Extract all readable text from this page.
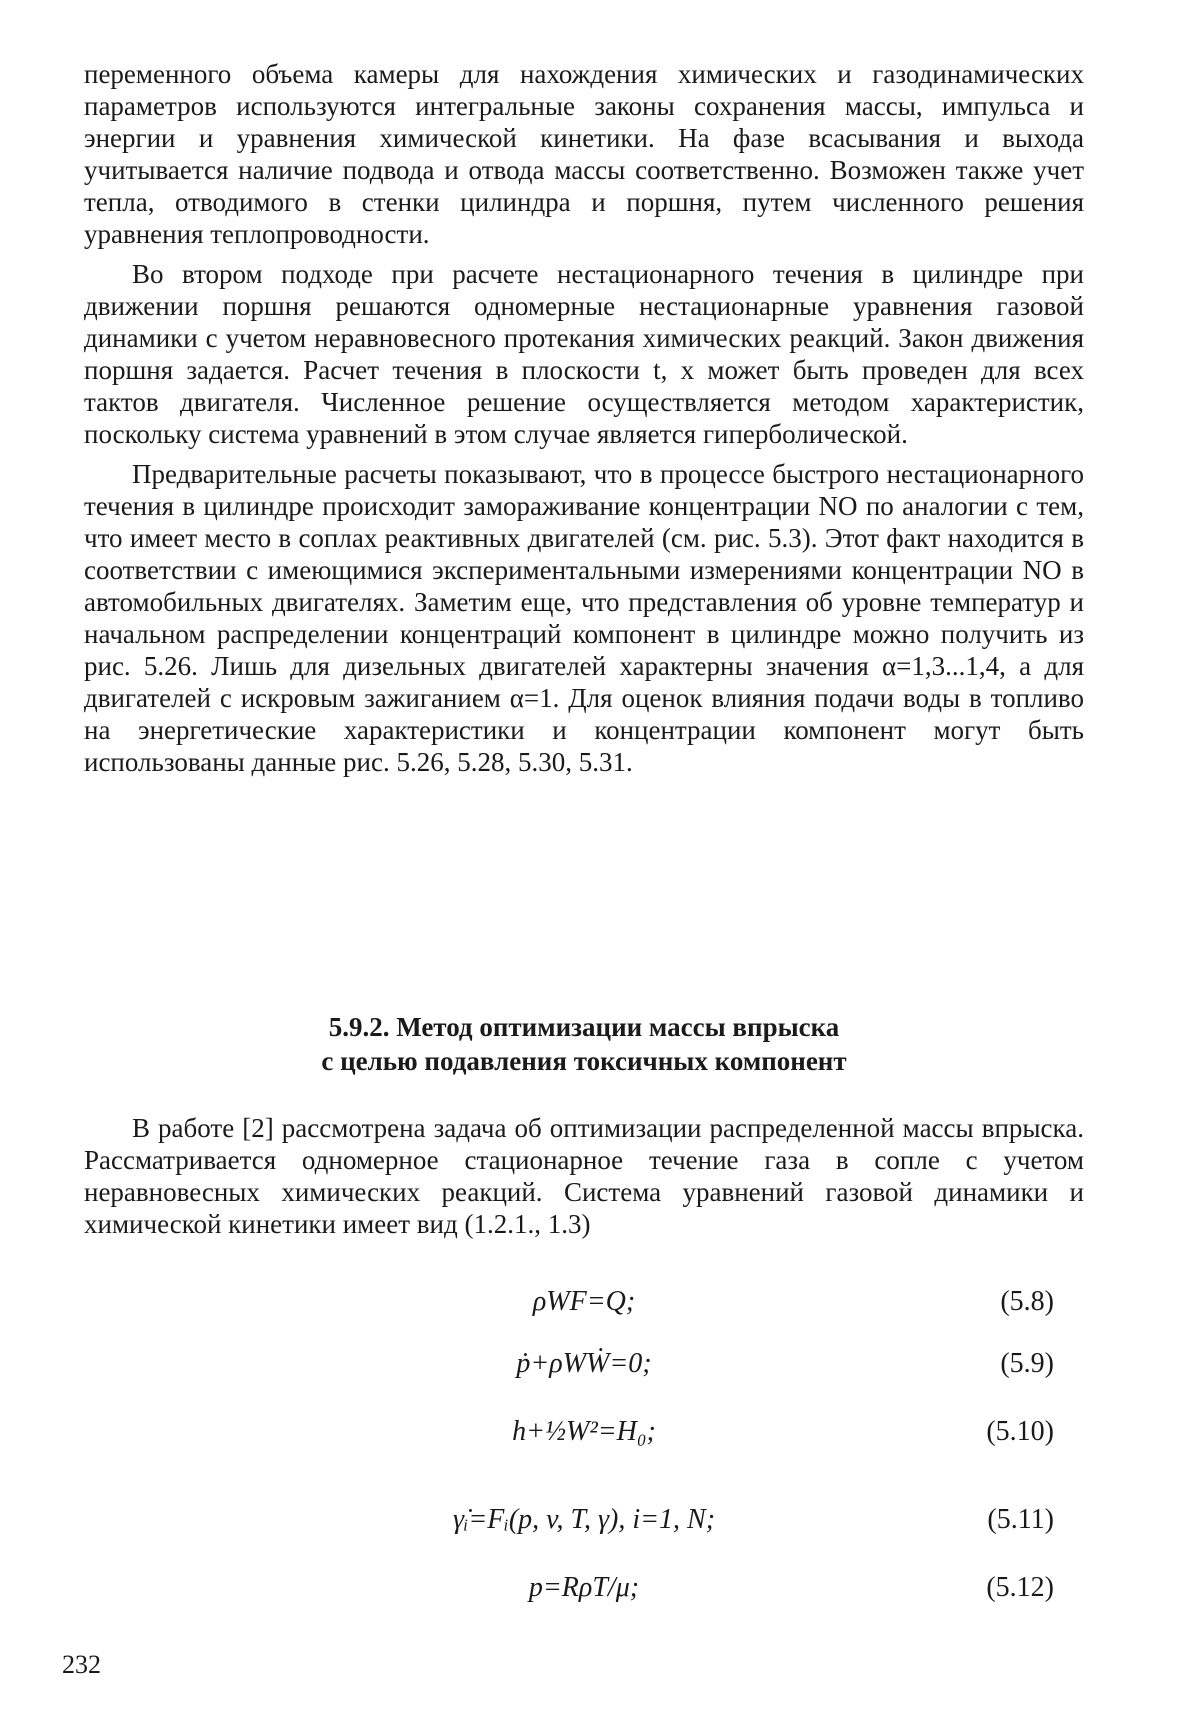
переменного объема камеры для нахождения химических и газодинамических параметров используются интегральные законы сохранения массы, импульса и энергии и уравнения химической кинетики. На фазе всасывания и выхода учитывается наличие подвода и отвода массы соответственно. Возможен также учет тепла, отводимого в стенки цилиндра и поршня, путем численного решения уравнения теплопроводности.

Во втором подходе при расчете нестационарного течения в цилиндре при движении поршня решаются одномерные нестационарные уравнения газовой динамики с учетом неравновесного протекания химических реакций. Закон движения поршня задается. Расчет течения в плоскости t, x может быть проведен для всех тактов двигателя. Численное решение осуществляется методом характеристик, поскольку система уравнений в этом случае является гиперболической.

Предварительные расчеты показывают, что в процессе быстрого нестационарного течения в цилиндре происходит замораживание концентрации NO по аналогии с тем, что имеет место в соплах реактивных двигателей (см. рис. 5.3). Этот факт находится в соответствии с имеющимися экспериментальными измерениями концентрации NO в автомобильных двигателях. Заметим еще, что представления об уровне температур и начальном распределении концентраций компонент в цилиндре можно получить из рис. 5.26. Лишь для дизельных двигателей характерны значения α=1,3...1,4, а для двигателей с искровым зажиганием α=1. Для оценок влияния подачи воды в топливо на энергетические характеристики и концентрации компонент могут быть использованы данные рис. 5.26, 5.28, 5.30, 5.31.

5.9.2. Метод оптимизации массы впрыска
с целью подавления токсичных компонент

В работе [2] рассмотрена задача об оптимизации распределенной массы впрыска. Рассматривается одномерное стационарное течение газа в сопле с учетом неравновесных химических реакций. Система уравнений газовой динамики и химической кинетики имеет вид (1.2.1., 1.3)

ρWF=Q;	(5.8)
ṗ+ρWẆ=0;	(5.9)
h+½W²=H₀;	(5.10)
γ̇ᵢ=Fᵢ(p, v, T, γ), i=1, N;	(5.11)
p=RρT/μ;	(5.12)
232
